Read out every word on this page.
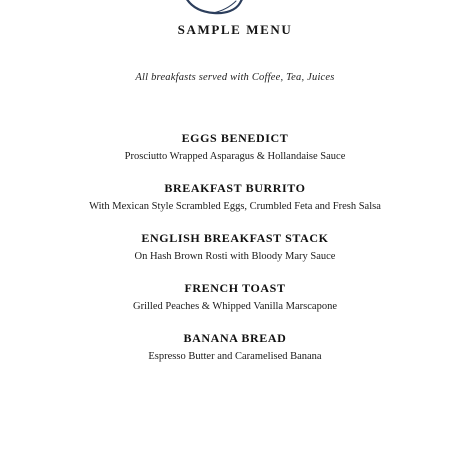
SAMPLE MENU
All breakfasts served with Coffee, Tea, Juices
EGGS BENEDICT
Prosciutto Wrapped Asparagus & Hollandaise Sauce
BREAKFAST BURRITO
With Mexican Style Scrambled Eggs, Crumbled Feta and Fresh Salsa
ENGLISH BREAKFAST STACK
On Hash Brown Rosti with Bloody Mary Sauce
FRENCH TOAST
Grilled Peaches & Whipped Vanilla Marscapone
BANANA BREAD
Espresso Butter and Caramelised Banana
